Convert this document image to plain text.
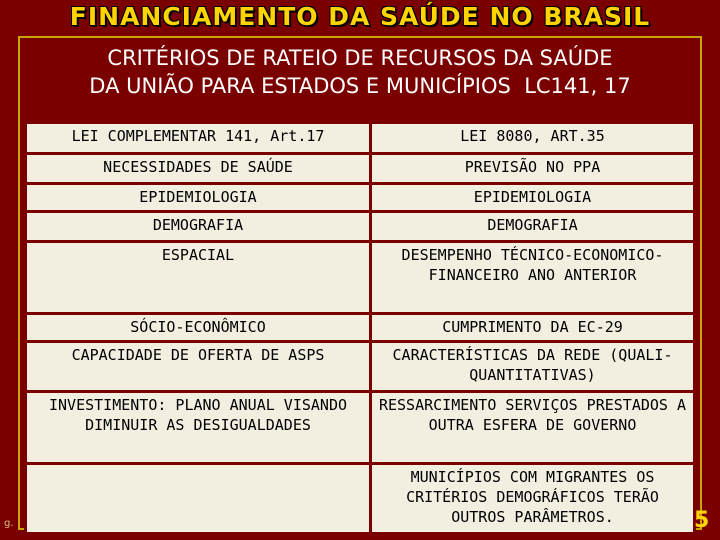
FINANCIAMENTO DA SAÚDE NO BRASIL
CRITÉRIOS DE RATEIO DE RECURSOS DA SAÚDE
DA UNIÃO PARA ESTADOS E MUNICÍPIOS  LC141, 17
LEI COMPLEMENTAR 141, Art.17	LEI 8080, ART.35
NECESSIDADES DE SAÚDE	PREVISÃO NO PPA
EPIDEMIOLOGIA	EPIDEMIOLOGIA
DEMOGRAFIA	DEMOGRAFIA
ESPACIAL	DESEMPENHO TÉCNICO-ECONOMICO-FINANCEIRO ANO ANTERIOR
SÓCIO-ECONÔMICO	CUMPRIMENTO DA EC-29
CAPACIDADE DE OFERTA DE ASPS	CARACTERÍSTICAS DA REDE (QUALI-QUANTITATIVAS)
INVESTIMENTO: PLANO ANUAL VISANDO DIMINUIR AS DESIGUALDADES	RESSARCIMENTO SERVIÇOS PRESTADOS A OUTRA ESFERA DE GOVERNO
	MUNICÍPIOS COM MIGRANTES OS CRITÉRIOS DEMOGRÁFICOS TERÃO OUTROS PARÂMETROS.
g.	5
